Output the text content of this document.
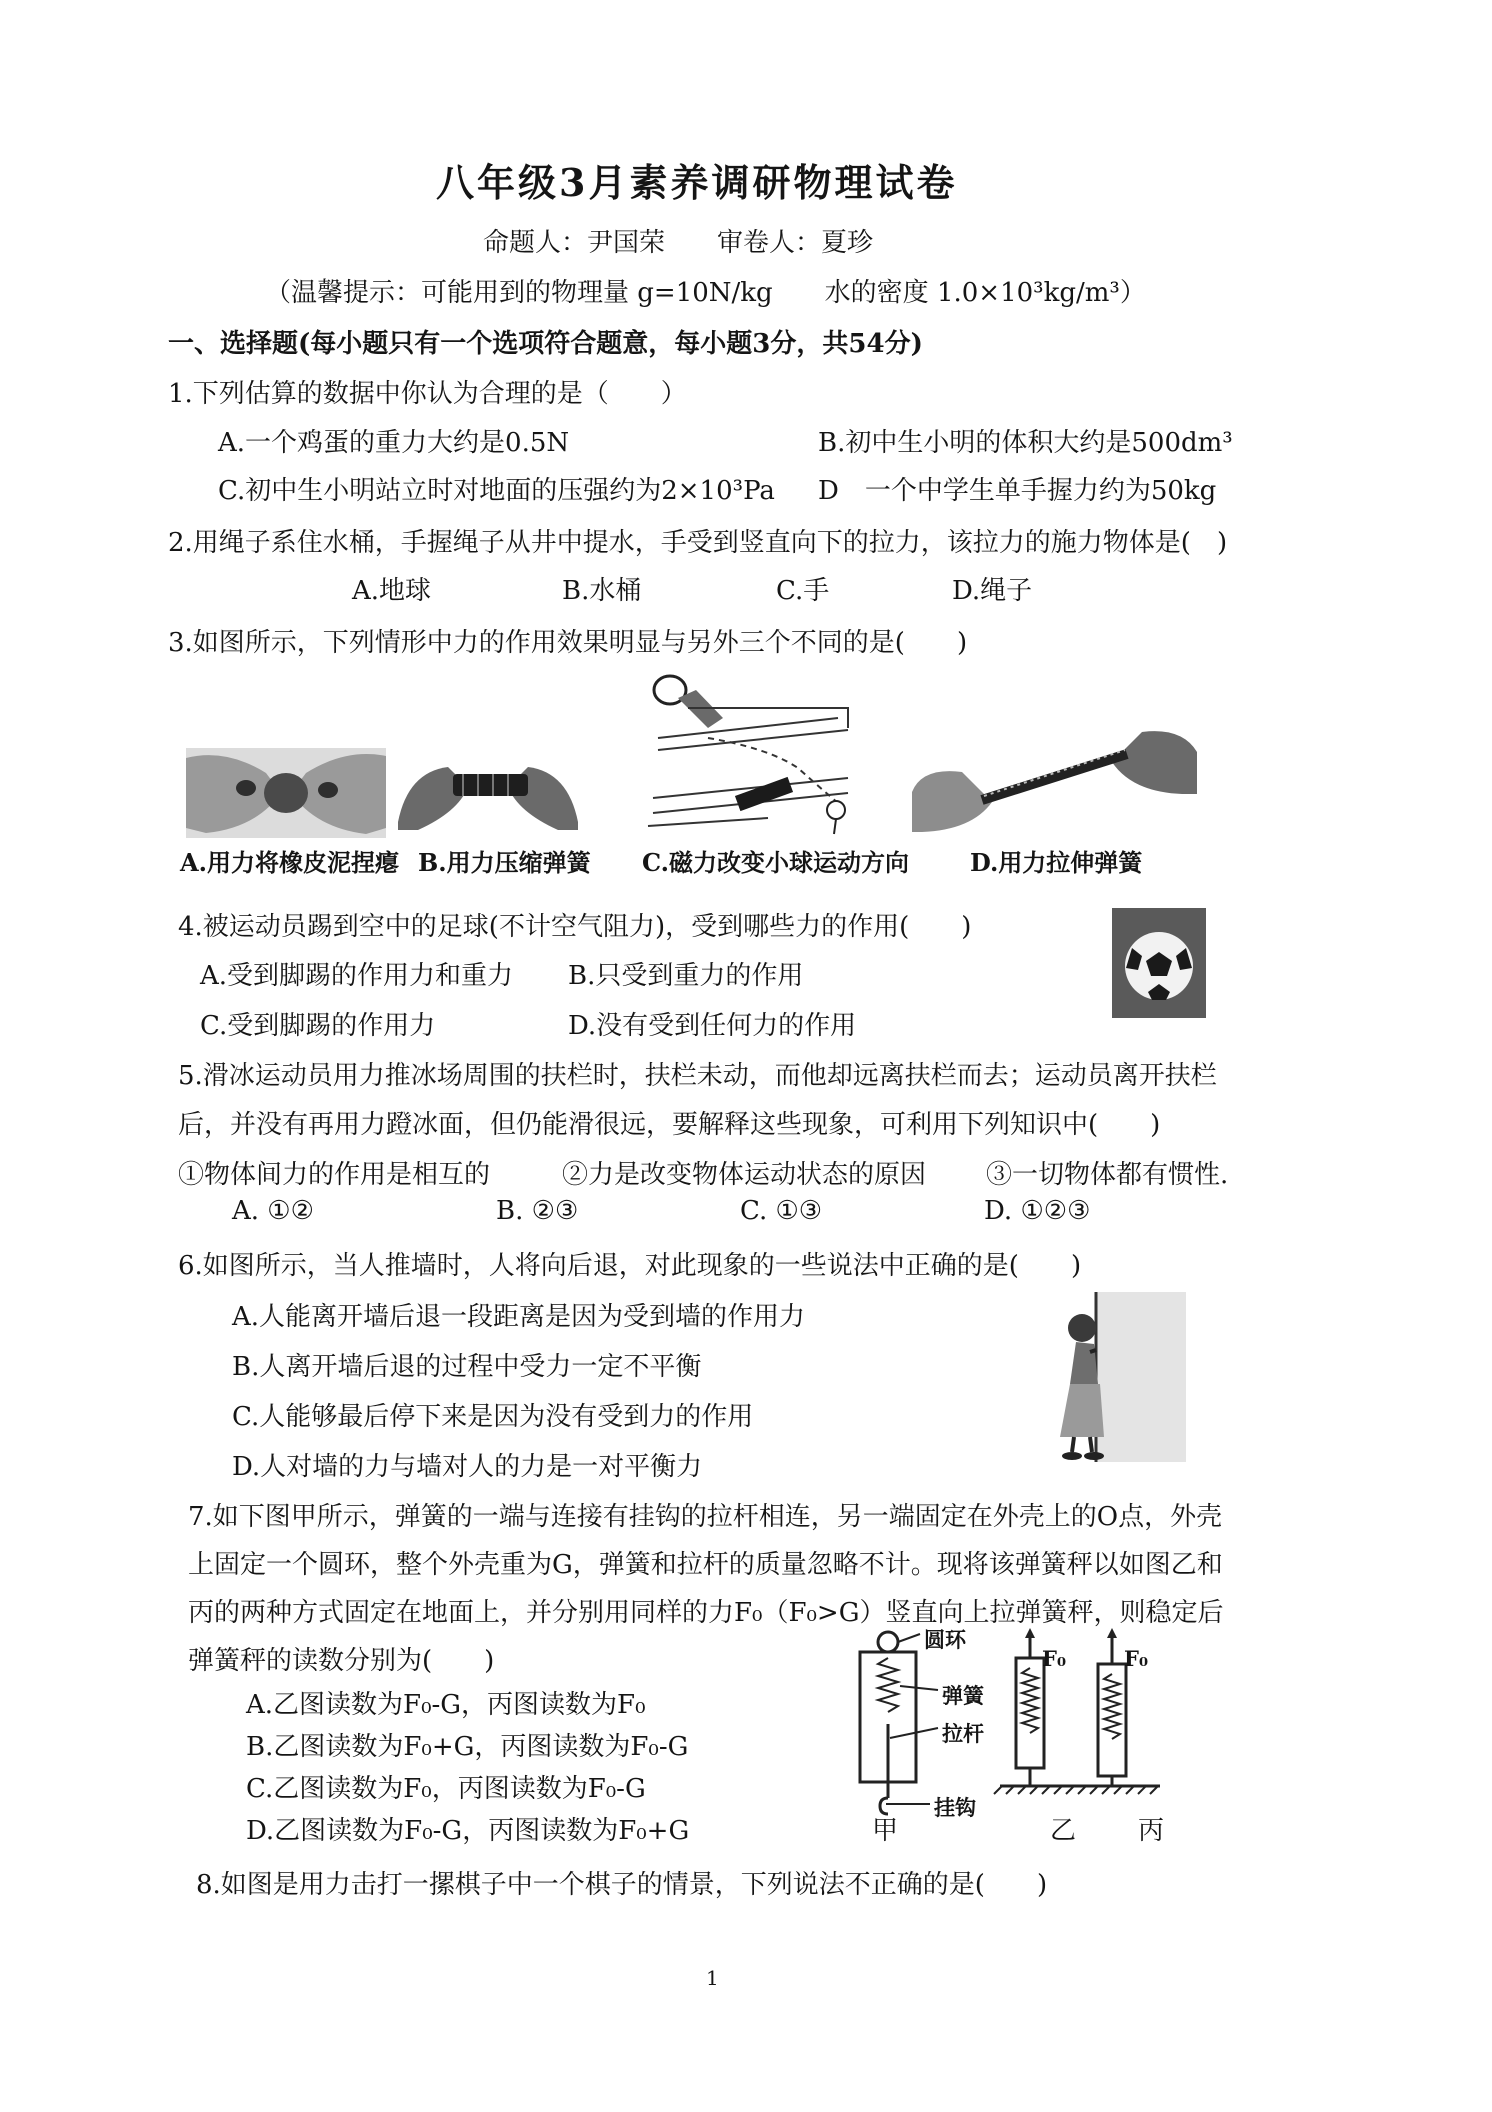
八年级3月素养调研物理试卷
命题人：尹国荣　　审卷人：夏珍
（温馨提示：可能用到的物理量 g=10N/kg　　水的密度 1.0×10³kg/m³）
一、选择题(每小题只有一个选项符合题意，每小题3分，共54分)
1.下列估算的数据中你认为合理的是（　　）
A.一个鸡蛋的重力大约是0.5N	B.初中生小明的体积大约是500dm³
C.初中生小明站立时对地面的压强约为2×10³Pa D　一个中学生单手握力约为50kg
2.用绳子系住水桶，手握绳子从井中提水，手受到竖直向下的拉力，该拉力的施力物体是(　)
A.地球	B.水桶	C.手	D.绳子
3.如图所示，下列情形中力的作用效果明显与另外三个不同的是(　　)
A.用力将橡皮泥捏瘪 B.用力压缩弹簧 C.磁力改变小球运动方向	D.用力拉伸弹簧
4.被运动员踢到空中的足球(不计空气阻力)，受到哪些力的作用(　　)
A.受到脚踢的作用力和重力 B.只受到重力的作用
C.受到脚踢的作用力	D.没有受到任何力的作用
5.滑冰运动员用力推冰场周围的扶栏时，扶栏未动，而他却远离扶栏而去；运动员离开扶栏
后，并没有再用力蹬冰面，但仍能滑很远，要解释这些现象，可利用下列知识中(　　)
①物体间力的作用是相互的	②力是改变物体运动状态的原因 ③一切物体都有惯性.
A. ①②	B. ②③	C. ①③	D. ①②③
6.如图所示，当人推墙时，人将向后退，对此现象的一些说法中正确的是(　　)
A.人能离开墙后退一段距离是因为受到墙的作用力
B.人离开墙后退的过程中受力一定不平衡
C.人能够最后停下来是因为没有受到力的作用
D.人对墙的力与墙对人的力是一对平衡力
7.如下图甲所示，弹簧的一端与连接有挂钩的拉杆相连，另一端固定在外壳上的O点，外壳
上固定一个圆环，整个外壳重为G，弹簧和拉杆的质量忽略不计。现将该弹簧秤以如图乙和
丙的两种方式固定在地面上，并分别用同样的力F₀（F₀>G）竖直向上拉弹簧秤，则稳定后
弹簧秤的读数分别为(　　)
A.乙图读数为F₀-G，丙图读数为F₀
B.乙图读数为F₀+G，丙图读数为F₀-G
C.乙图读数为F₀，丙图读数为F₀-G
D.乙图读数为F₀-G，丙图读数为F₀+G
圆环
弹簧
拉杆
挂钩
甲	乙 丙
F₀	F₀
8.如图是用力击打一摞棋子中一个棋子的情景，下列说法不正确的是(　　)
1
